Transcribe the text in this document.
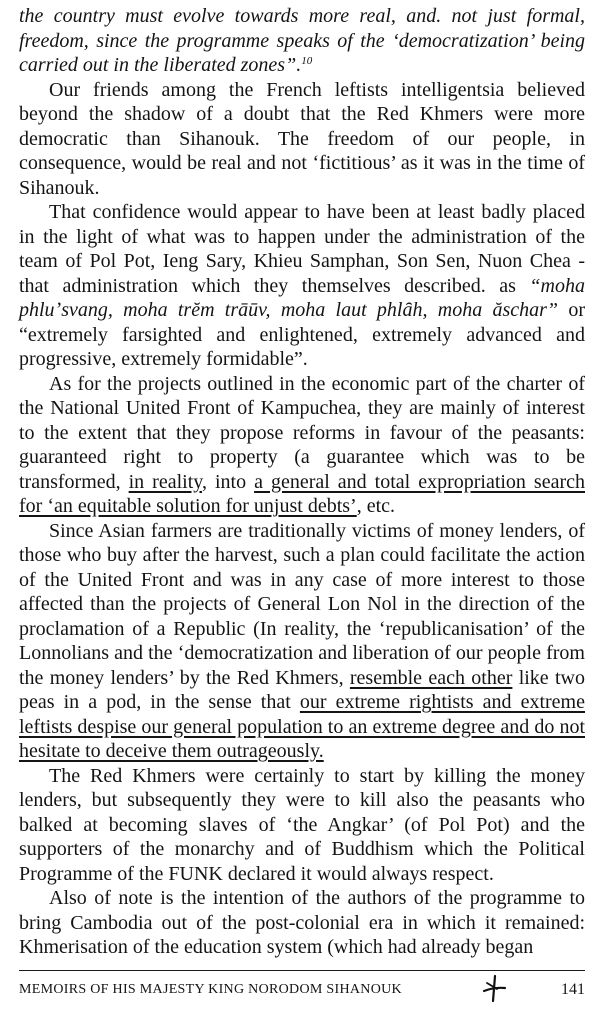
the country must evolve towards more real, and. not just formal, freedom, since the programme speaks of the ‘democratization’ being carried out in the liberated zones”.$^{10}$

Our friends among the French leftists intelligentsia believed beyond the shadow of a doubt that the Red Khmers were more democratic than Sihanouk. The freedom of our people, in consequence, would be real and not ‘fictitious’ as it was in the time of Sihanouk.

That confidence would appear to have been at least badly placed in the light of what was to happen under the administration of the team of Pol Pot, Ieng Sary, Khieu Samphan, Son Sen, Nuon Chea -that administration which they themselves described. as “moha phluʼsvang, moha trĕm trāūv, moha laut phlȃh, moha ăschar” or “extremely farsighted and enlightened, extremely advanced and progressive, extremely formidable”.

As for the projects outlined in the economic part of the charter of the National United Front of Kampuchea, they are mainly of interest to the extent that they propose reforms in favour of the peasants: guaranteed right to property (a guarantee which was to be transformed, in reality, into a general and total expropriation search for ‘an equitable solution for unjust debts’, etc.

Since Asian farmers are traditionally victims of money lenders, of those who buy after the harvest, such a plan could facilitate the action of the United Front and was in any case of more interest to those affected than the projects of General Lon Nol in the direction of the proclamation of a Republic (In reality, the ‘republicanisation’ of the Lonnolians and the ‘democratization and liberation of our people from the money lenders’ by the Red Khmers, resemble each other like two peas in a pod, in the sense that our extreme rightists and extreme leftists despise our general population to an extreme degree and do not hesitate to deceive them outrageously.

The Red Khmers were certainly to start by killing the money lenders, but subsequently they were to kill also the peasants who balked at becoming slaves of ‘the Angkar’ (of Pol Pot) and the supporters of the monarchy and of Buddhism which the Political Programme of the FUNK declared it would always respect.

Also of note is the intention of the authors of the programme to bring Cambodia out of the post-colonial era in which it remained: Khmerisation of the education system (which had already began

MEMOIRS OF HIS MAJESTY KING NORODOM SIHANOUK	141
